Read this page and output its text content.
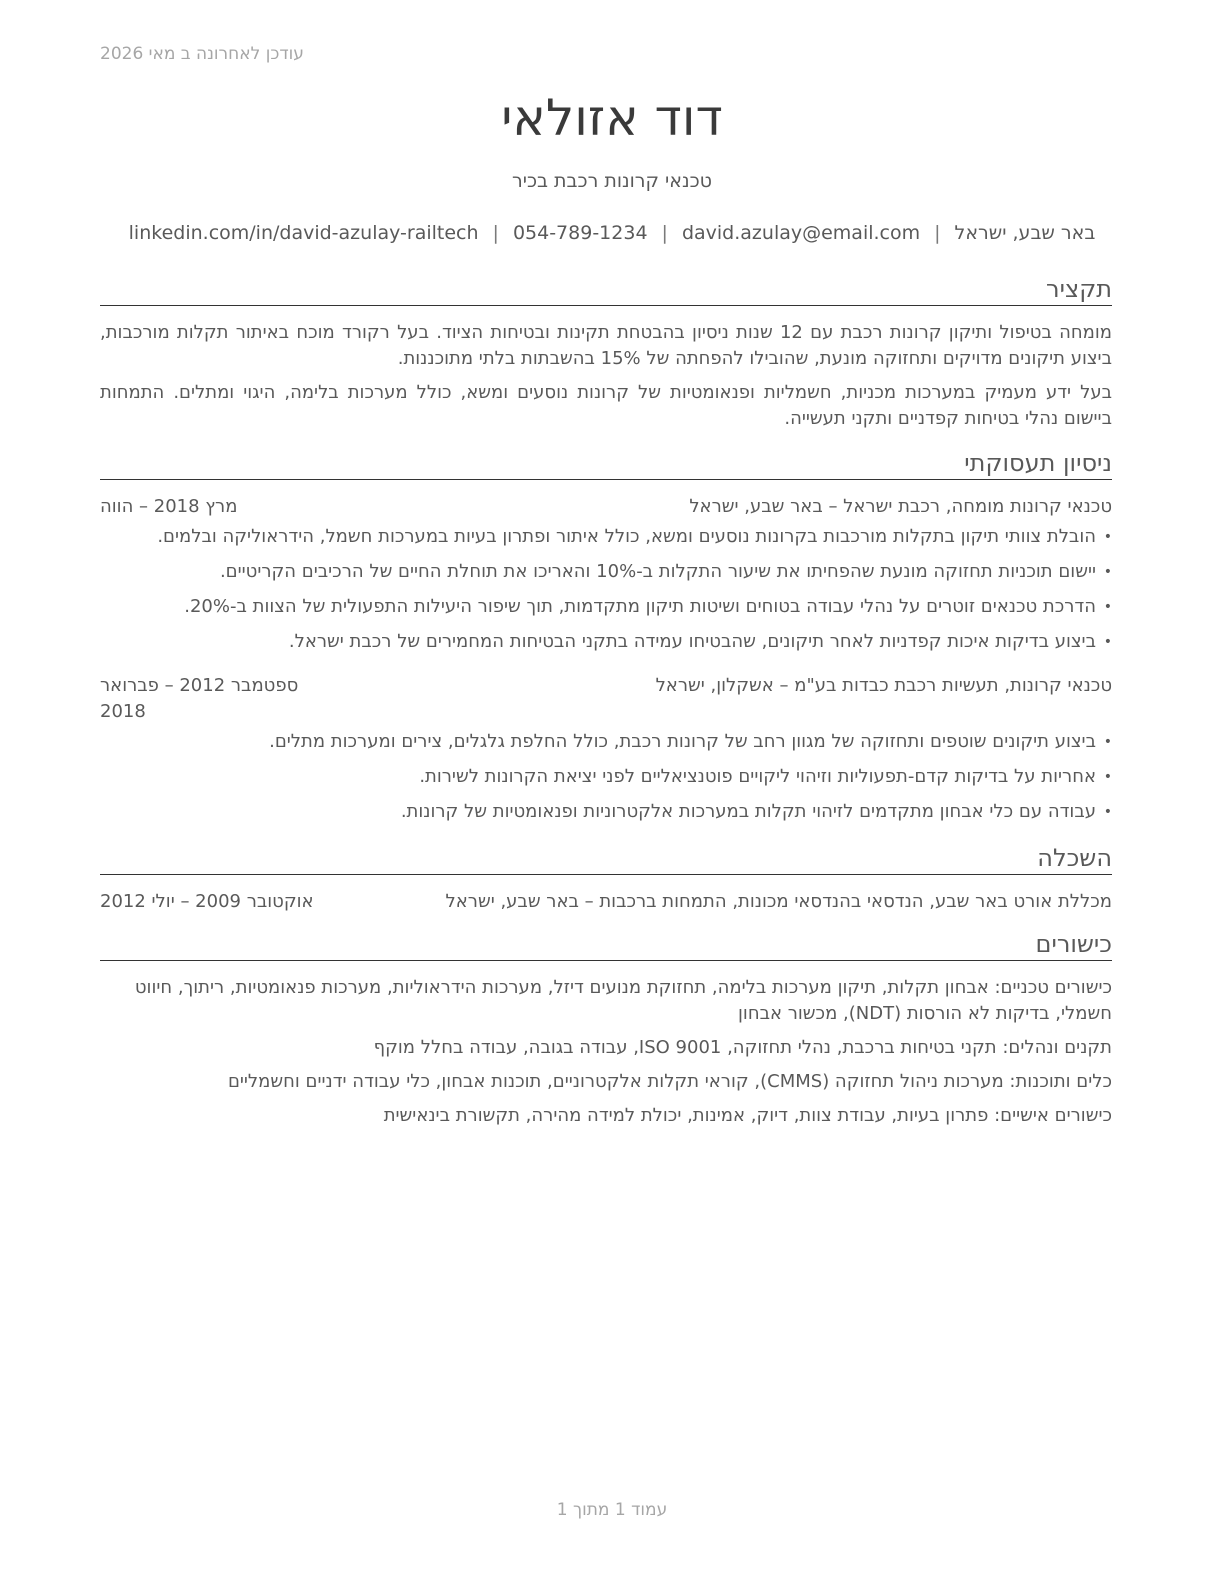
עודכן לאחרונה ב מאי 2026
דוד אזולאי
טכנאי קרונות רכבת בכיר
באר שבע, ישראל|david.azulay@email.com|054-789-1234|linkedin.com/in/david-azulay-railtech
תקציר

מומחה בטיפול ותיקון קרונות רכבת עם 12 שנות ניסיון בהבטחת תקינות ובטיחות הציוד. בעל רקורד מוכח באיתור תקלות מורכבות, ביצוע תיקונים מדויקים ותחזוקה מונעת, שהובילו להפחתה של 15% בהשבתות בלתי מתוכננות.

בעל ידע מעמיק במערכות מכניות, חשמליות ופנאומטיות של קרונות נוסעים ומשא, כולל מערכות בלימה, היגוי ומתלים. התמחות ביישום נהלי בטיחות קפדניים ותקני תעשייה.

ניסיון תעסוקתי
טכנאי קרונות מומחה, רכבת ישראל – באר שבע, ישראל
מרץ 2018 – הווה
• הובלת צוותי תיקון בתקלות מורכבות בקרונות נוסעים ומשא, כולל איתור ופתרון בעיות במערכות חשמל, הידראוליקה ובלמים.
• יישום תוכניות תחזוקה מונעת שהפחיתו את שיעור התקלות ב-10% והאריכו את תוחלת החיים של הרכיבים הקריטיים.
• הדרכת טכנאים זוטרים על נהלי עבודה בטוחים ושיטות תיקון מתקדמות, תוך שיפור היעילות התפעולית של הצוות ב-20%.
• ביצוע בדיקות איכות קפדניות לאחר תיקונים, שהבטיחו עמידה בתקני הבטיחות המחמירים של רכבת ישראל.
טכנאי קרונות, תעשיות רכבת כבדות בע"מ – אשקלון, ישראל
ספטמבר 2012 – פברואר 2018
• ביצוע תיקונים שוטפים ותחזוקה של מגוון רחב של קרונות רכבת, כולל החלפת גלגלים, צירים ומערכות מתלים.
• אחריות על בדיקות קדם-תפעוליות וזיהוי ליקויים פוטנציאליים לפני יציאת הקרונות לשירות.
• עבודה עם כלי אבחון מתקדמים לזיהוי תקלות במערכות אלקטרוניות ופנאומטיות של קרונות.
השכלה
מכללת אורט באר שבע, הנדסאי בהנדסאי מכונות, התמחות ברכבות – באר שבע, ישראל
אוקטובר 2009 – יולי 2012
כישורים
כישורים טכניים: אבחון תקלות, תיקון מערכות בלימה, תחזוקת מנועים דיזל, מערכות הידראוליות, מערכות פנאומטיות, ריתוך, חיווט חשמלי, בדיקות לא הורסות (NDT), מכשור אבחון
תקנים ונהלים: תקני בטיחות ברכבת, נהלי תחזוקה, ISO 9001, עבודה בגובה, עבודה בחלל מוקף
כלים ותוכנות: מערכות ניהול תחזוקה (CMMS), קוראי תקלות אלקטרוניים, תוכנות אבחון, כלי עבודה ידניים וחשמליים
כישורים אישיים: פתרון בעיות, עבודת צוות, דיוק, אמינות, יכולת למידה מהירה, תקשורת בינאישית
עמוד 1 מתוך 1
